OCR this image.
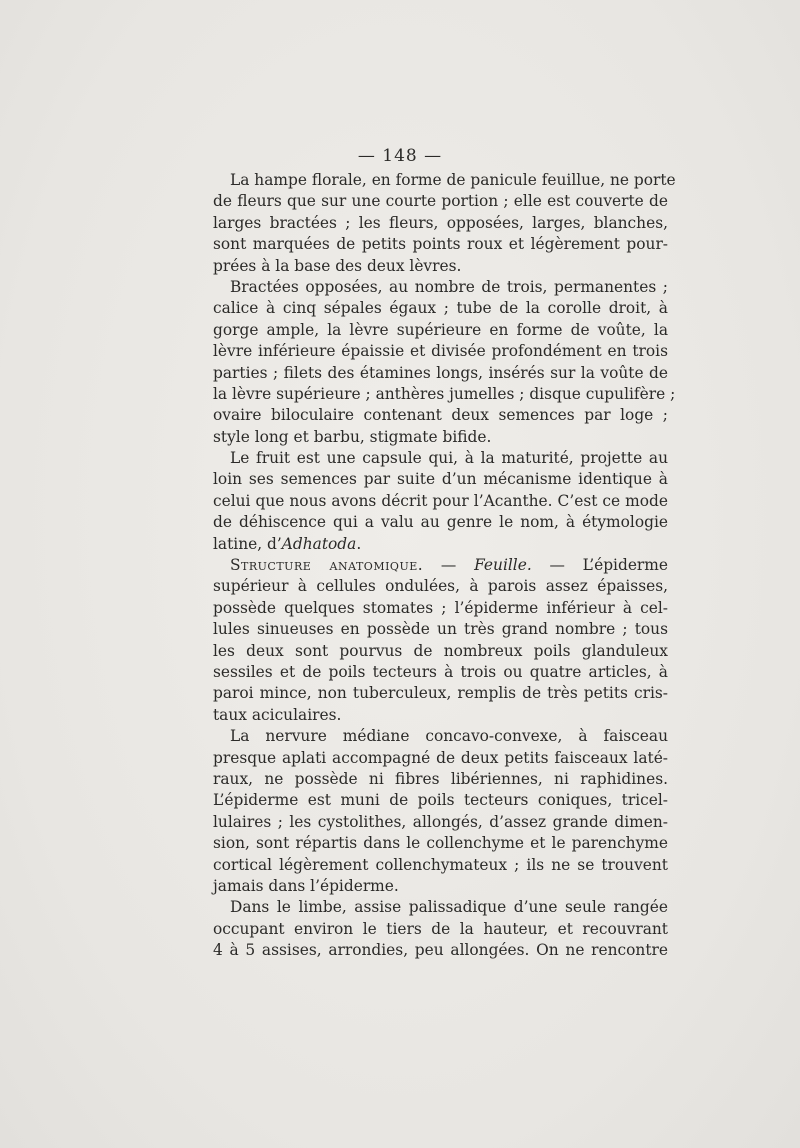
— 148 —
La hampe florale, en forme de panicule feuillue, ne porte
de fleurs que sur une courte portion ; elle est couverte de
larges bractées ; les fleurs, opposées, larges, blanches,
sont marquées de petits points roux et légèrement pour-
prées à la base des deux lèvres.
Bractées opposées, au nombre de trois, permanentes ;
calice à cinq sépales égaux ; tube de la corolle droit, à
gorge ample, la lèvre supérieure en forme de voûte, la
lèvre inférieure épaissie et divisée profondément en trois
parties ; filets des étamines longs, insérés sur la voûte de
la lèvre supérieure ; anthères jumelles ; disque cupulifère ;
ovaire biloculaire contenant deux semences par loge ;
style long et barbu, stigmate bifide.
Le fruit est une capsule qui, à la maturité, projette au
loin ses semences par suite d’un mécanisme identique à
celui que nous avons décrit pour l’Acanthe. C’est ce mode
de déhiscence qui a valu au genre le nom, à étymologie
latine, d’Adhatoda.
Structure anatomique. — Feuille. — L’épiderme
supérieur à cellules ondulées, à parois assez épaisses,
possède quelques stomates ; l’épiderme inférieur à cel-
lules sinueuses en possède un très grand nombre ; tous
les deux sont pourvus de nombreux poils glanduleux
sessiles et de poils tecteurs à trois ou quatre articles, à
paroi mince, non tuberculeux, remplis de très petits cris-
taux aciculaires.
La nervure médiane concavo-convexe, à faisceau
presque aplati accompagné de deux petits faisceaux laté-
raux, ne possède ni fibres libériennes, ni raphidines.
L’épiderme est muni de poils tecteurs coniques, tricel-
lulaires ; les cystolithes, allongés, d’assez grande dimen-
sion, sont répartis dans le collenchyme et le parenchyme
cortical légèrement collenchymateux ; ils ne se trouvent
jamais dans l’épiderme.
Dans le limbe, assise palissadique d’une seule rangée
occupant environ le tiers de la hauteur, et recouvrant
4 à 5 assises, arrondies, peu allongées. On ne rencontre
